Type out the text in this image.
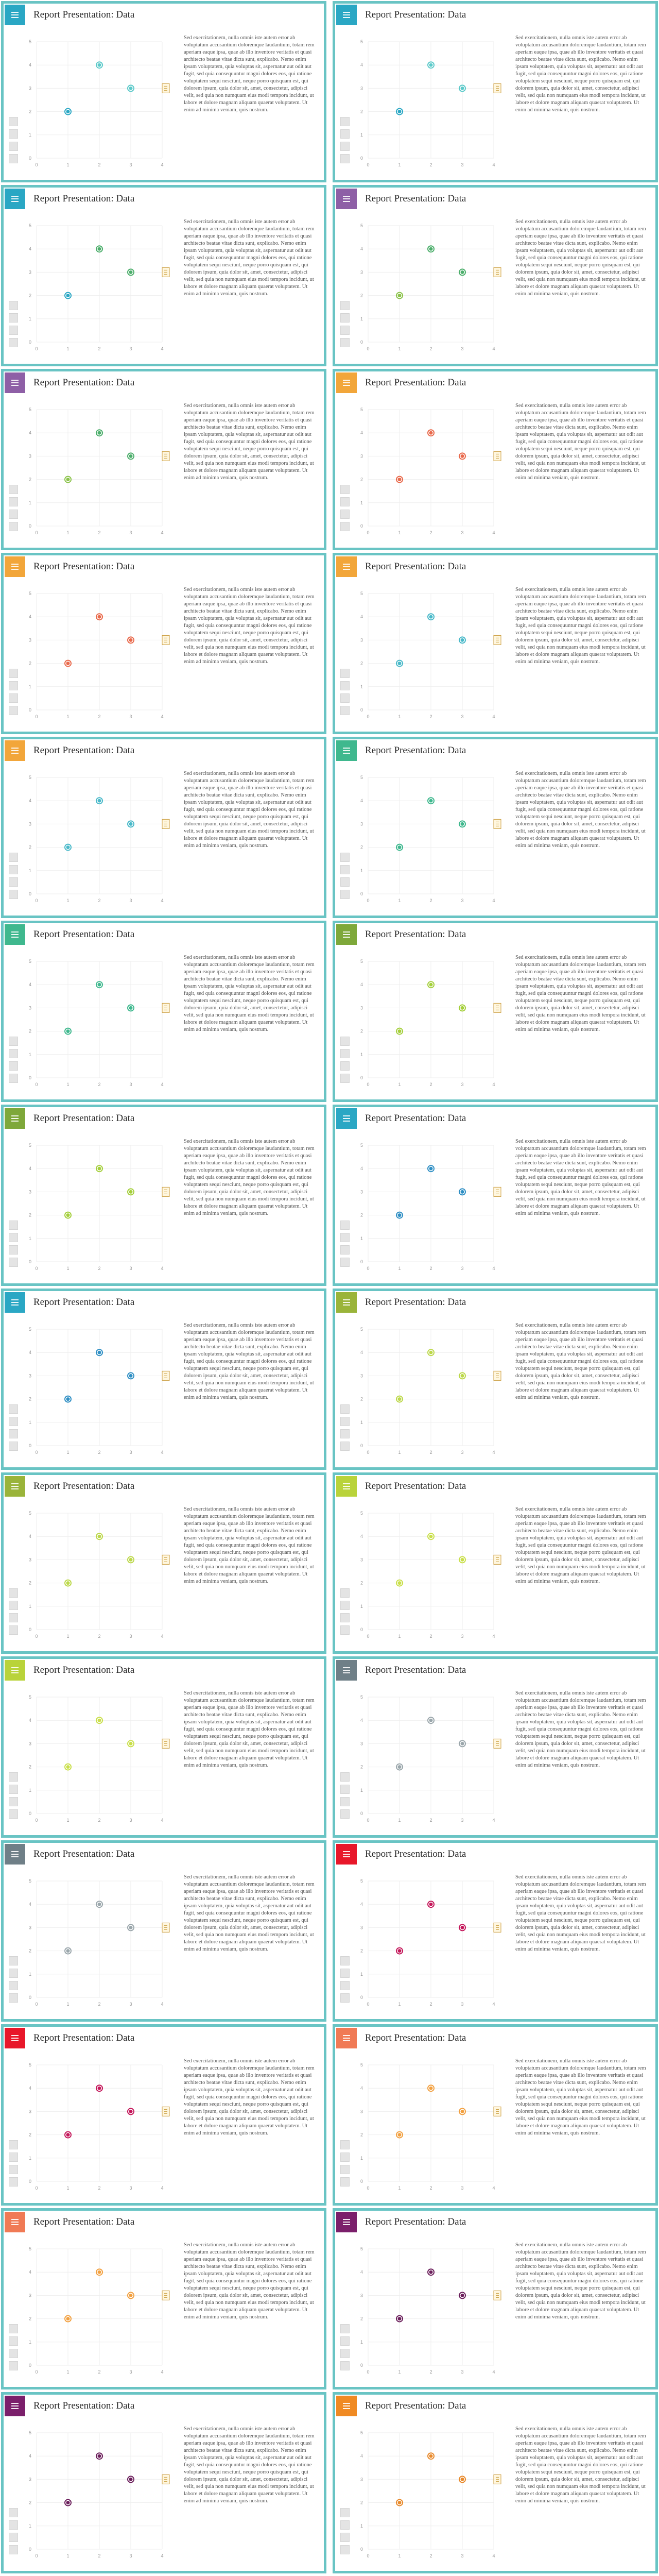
Report Presentation: Data
0
1
2
3
4
5
0	1	2	3	4
Sed exercitationem, nulla omnis iste autem error ab voluptatum accusantium doloremque laudantium, totam rem aperiam eaque ipsa, quae ab illo inventore veritatis et quasi architecto beatae vitae dicta sunt, explicabo. Nemo enim ipsam voluptatem, quia voluptas sit, aspernatur aut odit aut fugit, sed quia consequuntur magni dolores eos, qui ratione voluptatem sequi nesciunt, neque porro quisquam est, qui dolorem ipsum, quia dolor sit, amet, consectetur, adipisci velit, sed quia non numquam eius modi tempora incidunt, ut labore et dolore magnam aliquam quaerat voluptatem. Ut enim ad minima veniam, quis nostrum.
Report Presentation: Data
0
1
2
3
4
5
0	1	2	3	4
Sed exercitationem, nulla omnis iste autem error ab voluptatum accusantium doloremque laudantium, totam rem aperiam eaque ipsa, quae ab illo inventore veritatis et quasi architecto beatae vitae dicta sunt, explicabo. Nemo enim ipsam voluptatem, quia voluptas sit, aspernatur aut odit aut fugit, sed quia consequuntur magni dolores eos, qui ratione voluptatem sequi nesciunt, neque porro quisquam est, qui dolorem ipsum, quia dolor sit, amet, consectetur, adipisci velit, sed quia non numquam eius modi tempora incidunt, ut labore et dolore magnam aliquam quaerat voluptatem. Ut enim ad minima veniam, quis nostrum.
Report Presentation: Data
0
1
2
3
4
5
0	1	2	3	4
Sed exercitationem, nulla omnis iste autem error ab voluptatum accusantium doloremque laudantium, totam rem aperiam eaque ipsa, quae ab illo inventore veritatis et quasi architecto beatae vitae dicta sunt, explicabo. Nemo enim ipsam voluptatem, quia voluptas sit, aspernatur aut odit aut fugit, sed quia consequuntur magni dolores eos, qui ratione voluptatem sequi nesciunt, neque porro quisquam est, qui dolorem ipsum, quia dolor sit, amet, consectetur, adipisci velit, sed quia non numquam eius modi tempora incidunt, ut labore et dolore magnam aliquam quaerat voluptatem. Ut enim ad minima veniam, quis nostrum.
Report Presentation: Data
0
1
2
3
4
5
0	1	2	3	4
Sed exercitationem, nulla omnis iste autem error ab voluptatum accusantium doloremque laudantium, totam rem aperiam eaque ipsa, quae ab illo inventore veritatis et quasi architecto beatae vitae dicta sunt, explicabo. Nemo enim ipsam voluptatem, quia voluptas sit, aspernatur aut odit aut fugit, sed quia consequuntur magni dolores eos, qui ratione voluptatem sequi nesciunt, neque porro quisquam est, qui dolorem ipsum, quia dolor sit, amet, consectetur, adipisci velit, sed quia non numquam eius modi tempora incidunt, ut labore et dolore magnam aliquam quaerat voluptatem. Ut enim ad minima veniam, quis nostrum.
Report Presentation: Data
0
1
2
3
4
5
0	1	2	3	4
Sed exercitationem, nulla omnis iste autem error ab voluptatum accusantium doloremque laudantium, totam rem aperiam eaque ipsa, quae ab illo inventore veritatis et quasi architecto beatae vitae dicta sunt, explicabo. Nemo enim ipsam voluptatem, quia voluptas sit, aspernatur aut odit aut fugit, sed quia consequuntur magni dolores eos, qui ratione voluptatem sequi nesciunt, neque porro quisquam est, qui dolorem ipsum, quia dolor sit, amet, consectetur, adipisci velit, sed quia non numquam eius modi tempora incidunt, ut labore et dolore magnam aliquam quaerat voluptatem. Ut enim ad minima veniam, quis nostrum.
Report Presentation: Data
0
1
2
3
4
5
0	1	2	3	4
Sed exercitationem, nulla omnis iste autem error ab voluptatum accusantium doloremque laudantium, totam rem aperiam eaque ipsa, quae ab illo inventore veritatis et quasi architecto beatae vitae dicta sunt, explicabo. Nemo enim ipsam voluptatem, quia voluptas sit, aspernatur aut odit aut fugit, sed quia consequuntur magni dolores eos, qui ratione voluptatem sequi nesciunt, neque porro quisquam est, qui dolorem ipsum, quia dolor sit, amet, consectetur, adipisci velit, sed quia non numquam eius modi tempora incidunt, ut labore et dolore magnam aliquam quaerat voluptatem. Ut enim ad minima veniam, quis nostrum.
Report Presentation: Data
0
1
2
3
4
5
0	1	2	3	4
Sed exercitationem, nulla omnis iste autem error ab voluptatum accusantium doloremque laudantium, totam rem aperiam eaque ipsa, quae ab illo inventore veritatis et quasi architecto beatae vitae dicta sunt, explicabo. Nemo enim ipsam voluptatem, quia voluptas sit, aspernatur aut odit aut fugit, sed quia consequuntur magni dolores eos, qui ratione voluptatem sequi nesciunt, neque porro quisquam est, qui dolorem ipsum, quia dolor sit, amet, consectetur, adipisci velit, sed quia non numquam eius modi tempora incidunt, ut labore et dolore magnam aliquam quaerat voluptatem. Ut enim ad minima veniam, quis nostrum.
Report Presentation: Data
0
1
2
3
4
5
0	1	2	3	4
Sed exercitationem, nulla omnis iste autem error ab voluptatum accusantium doloremque laudantium, totam rem aperiam eaque ipsa, quae ab illo inventore veritatis et quasi architecto beatae vitae dicta sunt, explicabo. Nemo enim ipsam voluptatem, quia voluptas sit, aspernatur aut odit aut fugit, sed quia consequuntur magni dolores eos, qui ratione voluptatem sequi nesciunt, neque porro quisquam est, qui dolorem ipsum, quia dolor sit, amet, consectetur, adipisci velit, sed quia non numquam eius modi tempora incidunt, ut labore et dolore magnam aliquam quaerat voluptatem. Ut enim ad minima veniam, quis nostrum.
Report Presentation: Data
0
1
2
3
4
5
0	1	2	3	4
Sed exercitationem, nulla omnis iste autem error ab voluptatum accusantium doloremque laudantium, totam rem aperiam eaque ipsa, quae ab illo inventore veritatis et quasi architecto beatae vitae dicta sunt, explicabo. Nemo enim ipsam voluptatem, quia voluptas sit, aspernatur aut odit aut fugit, sed quia consequuntur magni dolores eos, qui ratione voluptatem sequi nesciunt, neque porro quisquam est, qui dolorem ipsum, quia dolor sit, amet, consectetur, adipisci velit, sed quia non numquam eius modi tempora incidunt, ut labore et dolore magnam aliquam quaerat voluptatem. Ut enim ad minima veniam, quis nostrum.
Report Presentation: Data
0
1
2
3
4
5
0	1	2	3	4
Sed exercitationem, nulla omnis iste autem error ab voluptatum accusantium doloremque laudantium, totam rem aperiam eaque ipsa, quae ab illo inventore veritatis et quasi architecto beatae vitae dicta sunt, explicabo. Nemo enim ipsam voluptatem, quia voluptas sit, aspernatur aut odit aut fugit, sed quia consequuntur magni dolores eos, qui ratione voluptatem sequi nesciunt, neque porro quisquam est, qui dolorem ipsum, quia dolor sit, amet, consectetur, adipisci velit, sed quia non numquam eius modi tempora incidunt, ut labore et dolore magnam aliquam quaerat voluptatem. Ut enim ad minima veniam, quis nostrum.
Report Presentation: Data
0
1
2
3
4
5
0	1	2	3	4
Sed exercitationem, nulla omnis iste autem error ab voluptatum accusantium doloremque laudantium, totam rem aperiam eaque ipsa, quae ab illo inventore veritatis et quasi architecto beatae vitae dicta sunt, explicabo. Nemo enim ipsam voluptatem, quia voluptas sit, aspernatur aut odit aut fugit, sed quia consequuntur magni dolores eos, qui ratione voluptatem sequi nesciunt, neque porro quisquam est, qui dolorem ipsum, quia dolor sit, amet, consectetur, adipisci velit, sed quia non numquam eius modi tempora incidunt, ut labore et dolore magnam aliquam quaerat voluptatem. Ut enim ad minima veniam, quis nostrum.
Report Presentation: Data
0
1
2
3
4
5
0	1	2	3	4
Sed exercitationem, nulla omnis iste autem error ab voluptatum accusantium doloremque laudantium, totam rem aperiam eaque ipsa, quae ab illo inventore veritatis et quasi architecto beatae vitae dicta sunt, explicabo. Nemo enim ipsam voluptatem, quia voluptas sit, aspernatur aut odit aut fugit, sed quia consequuntur magni dolores eos, qui ratione voluptatem sequi nesciunt, neque porro quisquam est, qui dolorem ipsum, quia dolor sit, amet, consectetur, adipisci velit, sed quia non numquam eius modi tempora incidunt, ut labore et dolore magnam aliquam quaerat voluptatem. Ut enim ad minima veniam, quis nostrum.
Report Presentation: Data
0
1
2
3
4
5
0	1	2	3	4
Sed exercitationem, nulla omnis iste autem error ab voluptatum accusantium doloremque laudantium, totam rem aperiam eaque ipsa, quae ab illo inventore veritatis et quasi architecto beatae vitae dicta sunt, explicabo. Nemo enim ipsam voluptatem, quia voluptas sit, aspernatur aut odit aut fugit, sed quia consequuntur magni dolores eos, qui ratione voluptatem sequi nesciunt, neque porro quisquam est, qui dolorem ipsum, quia dolor sit, amet, consectetur, adipisci velit, sed quia non numquam eius modi tempora incidunt, ut labore et dolore magnam aliquam quaerat voluptatem. Ut enim ad minima veniam, quis nostrum.
Report Presentation: Data
0
1
2
3
4
5
0	1	2	3	4
Sed exercitationem, nulla omnis iste autem error ab voluptatum accusantium doloremque laudantium, totam rem aperiam eaque ipsa, quae ab illo inventore veritatis et quasi architecto beatae vitae dicta sunt, explicabo. Nemo enim ipsam voluptatem, quia voluptas sit, aspernatur aut odit aut fugit, sed quia consequuntur magni dolores eos, qui ratione voluptatem sequi nesciunt, neque porro quisquam est, qui dolorem ipsum, quia dolor sit, amet, consectetur, adipisci velit, sed quia non numquam eius modi tempora incidunt, ut labore et dolore magnam aliquam quaerat voluptatem. Ut enim ad minima veniam, quis nostrum.
Report Presentation: Data
0
1
2
3
4
5
0	1	2	3	4
Sed exercitationem, nulla omnis iste autem error ab voluptatum accusantium doloremque laudantium, totam rem aperiam eaque ipsa, quae ab illo inventore veritatis et quasi architecto beatae vitae dicta sunt, explicabo. Nemo enim ipsam voluptatem, quia voluptas sit, aspernatur aut odit aut fugit, sed quia consequuntur magni dolores eos, qui ratione voluptatem sequi nesciunt, neque porro quisquam est, qui dolorem ipsum, quia dolor sit, amet, consectetur, adipisci velit, sed quia non numquam eius modi tempora incidunt, ut labore et dolore magnam aliquam quaerat voluptatem. Ut enim ad minima veniam, quis nostrum.
Report Presentation: Data
0
1
2
3
4
5
0	1	2	3	4
Sed exercitationem, nulla omnis iste autem error ab voluptatum accusantium doloremque laudantium, totam rem aperiam eaque ipsa, quae ab illo inventore veritatis et quasi architecto beatae vitae dicta sunt, explicabo. Nemo enim ipsam voluptatem, quia voluptas sit, aspernatur aut odit aut fugit, sed quia consequuntur magni dolores eos, qui ratione voluptatem sequi nesciunt, neque porro quisquam est, qui dolorem ipsum, quia dolor sit, amet, consectetur, adipisci velit, sed quia non numquam eius modi tempora incidunt, ut labore et dolore magnam aliquam quaerat voluptatem. Ut enim ad minima veniam, quis nostrum.
Report Presentation: Data
0
1
2
3
4
5
0	1	2	3	4
Sed exercitationem, nulla omnis iste autem error ab voluptatum accusantium doloremque laudantium, totam rem aperiam eaque ipsa, quae ab illo inventore veritatis et quasi architecto beatae vitae dicta sunt, explicabo. Nemo enim ipsam voluptatem, quia voluptas sit, aspernatur aut odit aut fugit, sed quia consequuntur magni dolores eos, qui ratione voluptatem sequi nesciunt, neque porro quisquam est, qui dolorem ipsum, quia dolor sit, amet, consectetur, adipisci velit, sed quia non numquam eius modi tempora incidunt, ut labore et dolore magnam aliquam quaerat voluptatem. Ut enim ad minima veniam, quis nostrum.
Report Presentation: Data
0
1
2
3
4
5
0	1	2	3	4
Sed exercitationem, nulla omnis iste autem error ab voluptatum accusantium doloremque laudantium, totam rem aperiam eaque ipsa, quae ab illo inventore veritatis et quasi architecto beatae vitae dicta sunt, explicabo. Nemo enim ipsam voluptatem, quia voluptas sit, aspernatur aut odit aut fugit, sed quia consequuntur magni dolores eos, qui ratione voluptatem sequi nesciunt, neque porro quisquam est, qui dolorem ipsum, quia dolor sit, amet, consectetur, adipisci velit, sed quia non numquam eius modi tempora incidunt, ut labore et dolore magnam aliquam quaerat voluptatem. Ut enim ad minima veniam, quis nostrum.
Report Presentation: Data
0
1
2
3
4
5
0	1	2	3	4
Sed exercitationem, nulla omnis iste autem error ab voluptatum accusantium doloremque laudantium, totam rem aperiam eaque ipsa, quae ab illo inventore veritatis et quasi architecto beatae vitae dicta sunt, explicabo. Nemo enim ipsam voluptatem, quia voluptas sit, aspernatur aut odit aut fugit, sed quia consequuntur magni dolores eos, qui ratione voluptatem sequi nesciunt, neque porro quisquam est, qui dolorem ipsum, quia dolor sit, amet, consectetur, adipisci velit, sed quia non numquam eius modi tempora incidunt, ut labore et dolore magnam aliquam quaerat voluptatem. Ut enim ad minima veniam, quis nostrum.
Report Presentation: Data
0
1
2
3
4
5
0	1	2	3	4
Sed exercitationem, nulla omnis iste autem error ab voluptatum accusantium doloremque laudantium, totam rem aperiam eaque ipsa, quae ab illo inventore veritatis et quasi architecto beatae vitae dicta sunt, explicabo. Nemo enim ipsam voluptatem, quia voluptas sit, aspernatur aut odit aut fugit, sed quia consequuntur magni dolores eos, qui ratione voluptatem sequi nesciunt, neque porro quisquam est, qui dolorem ipsum, quia dolor sit, amet, consectetur, adipisci velit, sed quia non numquam eius modi tempora incidunt, ut labore et dolore magnam aliquam quaerat voluptatem. Ut enim ad minima veniam, quis nostrum.
Report Presentation: Data
0
1
2
3
4
5
0	1	2	3	4
Sed exercitationem, nulla omnis iste autem error ab voluptatum accusantium doloremque laudantium, totam rem aperiam eaque ipsa, quae ab illo inventore veritatis et quasi architecto beatae vitae dicta sunt, explicabo. Nemo enim ipsam voluptatem, quia voluptas sit, aspernatur aut odit aut fugit, sed quia consequuntur magni dolores eos, qui ratione voluptatem sequi nesciunt, neque porro quisquam est, qui dolorem ipsum, quia dolor sit, amet, consectetur, adipisci velit, sed quia non numquam eius modi tempora incidunt, ut labore et dolore magnam aliquam quaerat voluptatem. Ut enim ad minima veniam, quis nostrum.
Report Presentation: Data
0
1
2
3
4
5
0	1	2	3	4
Sed exercitationem, nulla omnis iste autem error ab voluptatum accusantium doloremque laudantium, totam rem aperiam eaque ipsa, quae ab illo inventore veritatis et quasi architecto beatae vitae dicta sunt, explicabo. Nemo enim ipsam voluptatem, quia voluptas sit, aspernatur aut odit aut fugit, sed quia consequuntur magni dolores eos, qui ratione voluptatem sequi nesciunt, neque porro quisquam est, qui dolorem ipsum, quia dolor sit, amet, consectetur, adipisci velit, sed quia non numquam eius modi tempora incidunt, ut labore et dolore magnam aliquam quaerat voluptatem. Ut enim ad minima veniam, quis nostrum.
Report Presentation: Data
0
1
2
3
4
5
0	1	2	3	4
Sed exercitationem, nulla omnis iste autem error ab voluptatum accusantium doloremque laudantium, totam rem aperiam eaque ipsa, quae ab illo inventore veritatis et quasi architecto beatae vitae dicta sunt, explicabo. Nemo enim ipsam voluptatem, quia voluptas sit, aspernatur aut odit aut fugit, sed quia consequuntur magni dolores eos, qui ratione voluptatem sequi nesciunt, neque porro quisquam est, qui dolorem ipsum, quia dolor sit, amet, consectetur, adipisci velit, sed quia non numquam eius modi tempora incidunt, ut labore et dolore magnam aliquam quaerat voluptatem. Ut enim ad minima veniam, quis nostrum.
Report Presentation: Data
0
1
2
3
4
5
0	1	2	3	4
Sed exercitationem, nulla omnis iste autem error ab voluptatum accusantium doloremque laudantium, totam rem aperiam eaque ipsa, quae ab illo inventore veritatis et quasi architecto beatae vitae dicta sunt, explicabo. Nemo enim ipsam voluptatem, quia voluptas sit, aspernatur aut odit aut fugit, sed quia consequuntur magni dolores eos, qui ratione voluptatem sequi nesciunt, neque porro quisquam est, qui dolorem ipsum, quia dolor sit, amet, consectetur, adipisci velit, sed quia non numquam eius modi tempora incidunt, ut labore et dolore magnam aliquam quaerat voluptatem. Ut enim ad minima veniam, quis nostrum.
Report Presentation: Data
0
1
2
3
4
5
0	1	2	3	4
Sed exercitationem, nulla omnis iste autem error ab voluptatum accusantium doloremque laudantium, totam rem aperiam eaque ipsa, quae ab illo inventore veritatis et quasi architecto beatae vitae dicta sunt, explicabo. Nemo enim ipsam voluptatem, quia voluptas sit, aspernatur aut odit aut fugit, sed quia consequuntur magni dolores eos, qui ratione voluptatem sequi nesciunt, neque porro quisquam est, qui dolorem ipsum, quia dolor sit, amet, consectetur, adipisci velit, sed quia non numquam eius modi tempora incidunt, ut labore et dolore magnam aliquam quaerat voluptatem. Ut enim ad minima veniam, quis nostrum.
Report Presentation: Data
0
1
2
3
4
5
0	1	2	3	4
Sed exercitationem, nulla omnis iste autem error ab voluptatum accusantium doloremque laudantium, totam rem aperiam eaque ipsa, quae ab illo inventore veritatis et quasi architecto beatae vitae dicta sunt, explicabo. Nemo enim ipsam voluptatem, quia voluptas sit, aspernatur aut odit aut fugit, sed quia consequuntur magni dolores eos, qui ratione voluptatem sequi nesciunt, neque porro quisquam est, qui dolorem ipsum, quia dolor sit, amet, consectetur, adipisci velit, sed quia non numquam eius modi tempora incidunt, ut labore et dolore magnam aliquam quaerat voluptatem. Ut enim ad minima veniam, quis nostrum.
Report Presentation: Data
0
1
2
3
4
5
0	1	2	3	4
Sed exercitationem, nulla omnis iste autem error ab voluptatum accusantium doloremque laudantium, totam rem aperiam eaque ipsa, quae ab illo inventore veritatis et quasi architecto beatae vitae dicta sunt, explicabo. Nemo enim ipsam voluptatem, quia voluptas sit, aspernatur aut odit aut fugit, sed quia consequuntur magni dolores eos, qui ratione voluptatem sequi nesciunt, neque porro quisquam est, qui dolorem ipsum, quia dolor sit, amet, consectetur, adipisci velit, sed quia non numquam eius modi tempora incidunt, ut labore et dolore magnam aliquam quaerat voluptatem. Ut enim ad minima veniam, quis nostrum.
Report Presentation: Data
0
1
2
3
4
5
0	1	2	3	4
Sed exercitationem, nulla omnis iste autem error ab voluptatum accusantium doloremque laudantium, totam rem aperiam eaque ipsa, quae ab illo inventore veritatis et quasi architecto beatae vitae dicta sunt, explicabo. Nemo enim ipsam voluptatem, quia voluptas sit, aspernatur aut odit aut fugit, sed quia consequuntur magni dolores eos, qui ratione voluptatem sequi nesciunt, neque porro quisquam est, qui dolorem ipsum, quia dolor sit, amet, consectetur, adipisci velit, sed quia non numquam eius modi tempora incidunt, ut labore et dolore magnam aliquam quaerat voluptatem. Ut enim ad minima veniam, quis nostrum.
